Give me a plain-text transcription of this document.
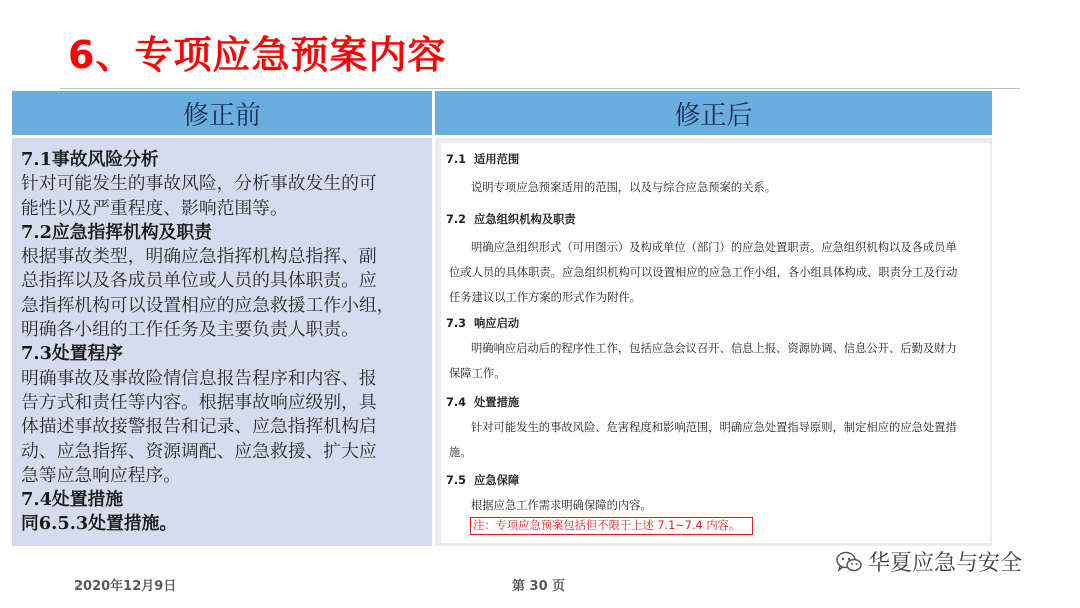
6、专项应急预案内容
修正前	修正后
7.1事故风险分析
针对可能发生的事故风险，分析事故发生的可
能性以及严重程度、影响范围等。
7.2应急指挥机构及职责
根据事故类型，明确应急指挥机构总指挥、副
总指挥以及各成员单位或人员的具体职责。应
急指挥机构可以设置相应的应急救援工作小组，
明确各小组的工作任务及主要负责人职责。
7.3处置程序
明确事故及事故险情信息报告程序和内容、报
告方式和责任等内容。根据事故响应级别，具
体描述事故接警报告和记录、应急指挥机构启
动、应急指挥、资源调配、应急救援、扩大应
急等应急响应程序。
7.4处置措施
同6.5.3处置措施。
7.1 适用范围
说明专项应急预案适用的范围，以及与综合应急预案的关系。
7.2 应急组织机构及职责
明确应急组织形式（可用图示）及构成单位（部门）的应急处置职责。应急组织机构以及各成员单
位或人员的具体职责。应急组织机构可以设置相应的应急工作小组，各小组具体构成、职责分工及行动
任务建议以工作方案的形式作为附件。
7.3 响应启动
明确响应启动后的程序性工作，包括应急会议召开、信息上报、资源协调、信息公开、后勤及财力
保障工作。
7.4 处置措施
针对可能发生的事故风险、危害程度和影响范围，明确应急处置指导原则，制定相应的应急处置措
施。
7.5 应急保障
根据应急工作需求明确保障的内容。
注：专项应急预案包括但不限于上述 7.1~7.4 内容。
2020年12月9日	第 30 页
华夏应急与安全
